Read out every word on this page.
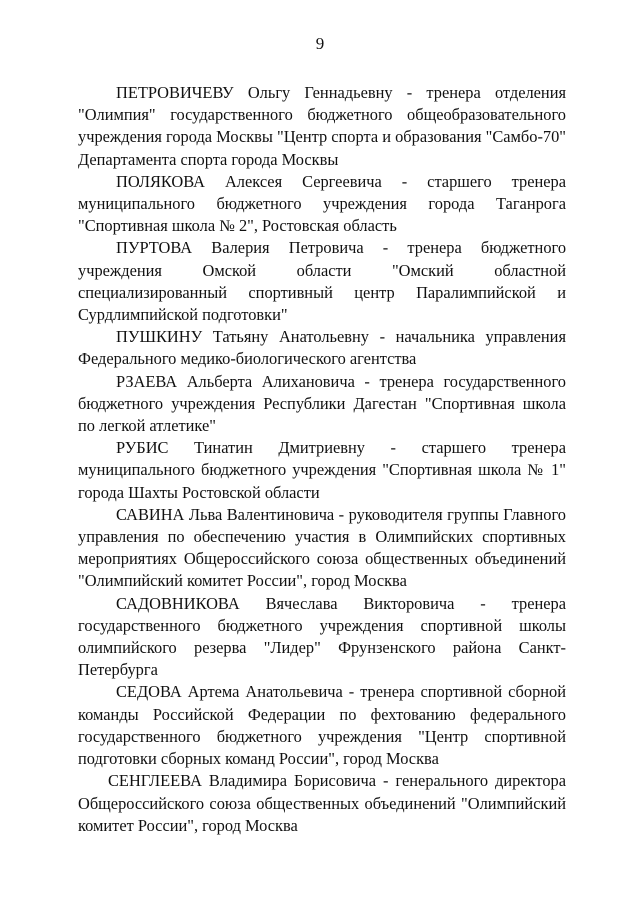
9

ПЕТРОВИЧЕВУ Ольгу Геннадьевну - тренера отделения "Олимпия" государственного бюджетного общеобразовательного учреждения города Москвы "Центр спорта и образования "Самбо-70" Департамента спорта города Москвы

ПОЛЯКОВА Алексея Сергеевича - старшего тренера муниципального бюджетного учреждения города Таганрога "Спортивная школа № 2", Ростовская область

ПУРТОВА Валерия Петровича - тренера бюджетного учреждения Омской области "Омский областной специализированный спортивный центр Паралимпийской и Сурдлимпийской подготовки"

ПУШКИНУ Татьяну Анатольевну - начальника управления Федерального медико-биологического агентства

РЗАЕВА Альберта Алихановича - тренера государственного бюджетного учреждения Республики Дагестан "Спортивная школа по легкой атлетике"

РУБИС Тинатин Дмитриевну - старшего тренера муниципального бюджетного учреждения "Спортивная школа № 1" города Шахты Ростовской области

САВИНА Льва Валентиновича - руководителя группы Главного управления по обеспечению участия в Олимпийских спортивных мероприятиях Общероссийского союза общественных объединений "Олимпийский комитет России", город Москва

САДОВНИКОВА Вячеслава Викторовича - тренера государственного бюджетного учреждения спортивной школы олимпийского резерва "Лидер" Фрунзенского района Санкт-Петербурга

СЕДОВА Артема Анатольевича - тренера спортивной сборной команды Российской Федерации по фехтованию федерального государственного бюджетного учреждения "Центр спортивной подготовки сборных команд России", город Москва

СЕНГЛЕЕВА Владимира Борисовича - генерального директора Общероссийского союза общественных объединений "Олимпийский комитет России", город Москва
